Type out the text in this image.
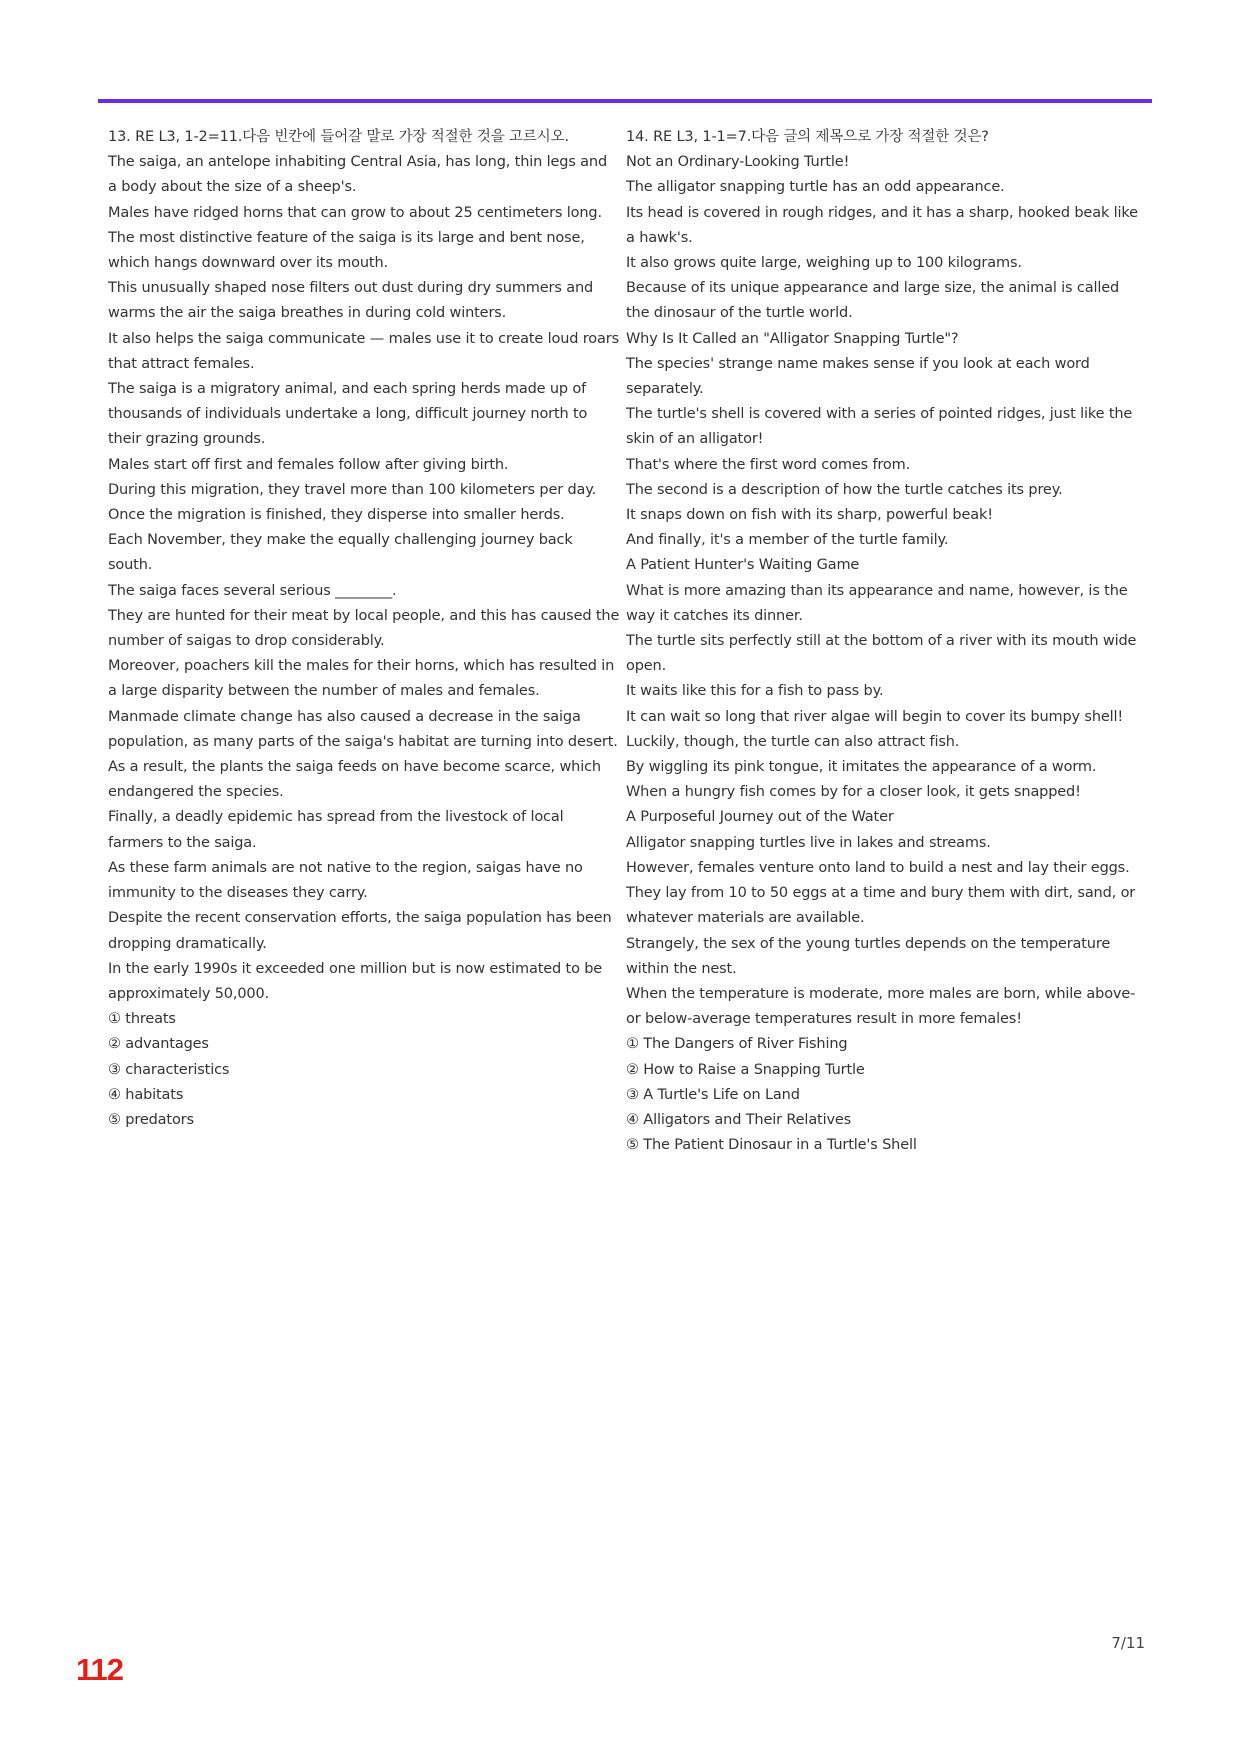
13. RE L3, 1-2=11.다음 빈칸에 들어갈 말로 가장 적절한 것을 고르시오.
The saiga, an antelope inhabiting Central Asia, has long, thin legs and a body about the size of a sheep's.
Males have ridged horns that can grow to about 25 centimeters long.
The most distinctive feature of the saiga is its large and bent nose, which hangs downward over its mouth.
This unusually shaped nose filters out dust during dry summers and warms the air the saiga breathes in during cold winters.
It also helps the saiga communicate — males use it to create loud roars that attract females.
The saiga is a migratory animal, and each spring herds made up of thousands of individuals undertake a long, difficult journey north to their grazing grounds.
Males start off first and females follow after giving birth.
During this migration, they travel more than 100 kilometers per day.
Once the migration is finished, they disperse into smaller herds.
Each November, they make the equally challenging journey back south.
The saiga faces several serious ________.
They are hunted for their meat by local people, and this has caused the number of saigas to drop considerably.
Moreover, poachers kill the males for their horns, which has resulted in a large disparity between the number of males and females.
Manmade climate change has also caused a decrease in the saiga population, as many parts of the saiga's habitat are turning into desert.
As a result, the plants the saiga feeds on have become scarce, which endangered the species.
Finally, a deadly epidemic has spread from the livestock of local farmers to the saiga.
As these farm animals are not native to the region, saigas have no immunity to the diseases they carry.
Despite the recent conservation efforts, the saiga population has been dropping dramatically.
In the early 1990s it exceeded one million but is now estimated to be approximately 50,000.
① threats
② advantages
③ characteristics
④ habitats
⑤ predators
14. RE L3, 1-1=7.다음 글의 제목으로 가장 적절한 것은?
Not an Ordinary-Looking Turtle!
The alligator snapping turtle has an odd appearance.
Its head is covered in rough ridges, and it has a sharp, hooked beak like a hawk's.
It also grows quite large, weighing up to 100 kilograms.
Because of its unique appearance and large size, the animal is called the dinosaur of the turtle world.
Why Is It Called an "Alligator Snapping Turtle"?
The species' strange name makes sense if you look at each word separately.
The turtle's shell is covered with a series of pointed ridges, just like the skin of an alligator!
That's where the first word comes from.
The second is a description of how the turtle catches its prey.
It snaps down on fish with its sharp, powerful beak!
And finally, it's a member of the turtle family.
A Patient Hunter's Waiting Game
What is more amazing than its appearance and name, however, is the way it catches its dinner.
The turtle sits perfectly still at the bottom of a river with its mouth wide open.
It waits like this for a fish to pass by.
It can wait so long that river algae will begin to cover its bumpy shell!
Luckily, though, the turtle can also attract fish.
By wiggling its pink tongue, it imitates the appearance of a worm.
When a hungry fish comes by for a closer look, it gets snapped!
A Purposeful Journey out of the Water
Alligator snapping turtles live in lakes and streams.
However, females venture onto land to build a nest and lay their eggs.
They lay from 10 to 50 eggs at a time and bury them with dirt, sand, or whatever materials are available.
Strangely, the sex of the young turtles depends on the temperature within the nest.
When the temperature is moderate, more males are born, while above- or below-average temperatures result in more females!
① The Dangers of River Fishing
② How to Raise a Snapping Turtle
③ A Turtle's Life on Land
④ Alligators and Their Relatives
⑤ The Patient Dinosaur in a Turtle's Shell
7/11
112
